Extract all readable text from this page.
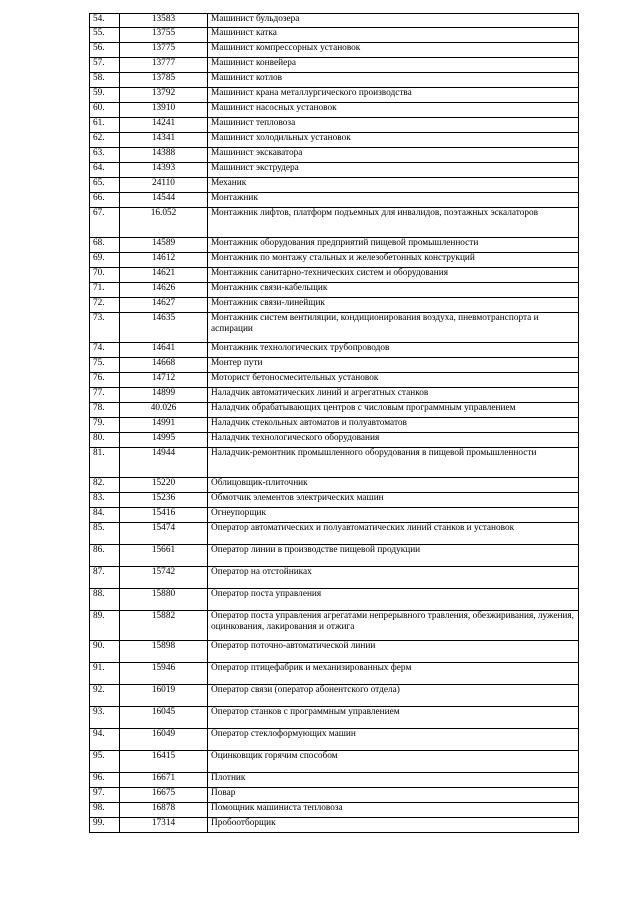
54.	13583	Машинист бульдозера
55.	13755	Машинист катка
56.	13775	Машинист компрессорных установок
57.	13777	Машинист конвейера
58.	13785	Машинист котлов
59.	13792	Машинист крана металлургического производства
60.	13910	Машинист насосных установок
61.	14241	Машинист тепловоза
62.	14341	Машинист холодильных установок
63.	14388	Машинист экскаватора
64.	14393	Машинист экструдера
65.	24110	Механик
66.	14544	Монтажник
67.	16.052	Монтажник лифтов, платформ подъемных для инвалидов, поэтажных эскалаторов
68.	14589	Монтажник оборудования предприятий пищевой промышленности
69.	14612	Монтажник по монтажу стальных и железобетонных конструкций
70.	14621	Монтажник санитарно-технических систем и оборудования
71.	14626	Монтажник связи-кабельщик
72.	14627	Монтажник связи-линейщик
73.	14635	Монтажник систем вентиляции, кондиционирования воздуха, пневмотранспорта и аспирации
74.	14641	Монтажник технологических трубопроводов
75.	14668	Монтер пути
76.	14712	Моторист бетоносмесительных установок
77.	14899	Наладчик автоматических линий и агрегатных станков
78.	40.026	Наладчик обрабатывающих центров с числовым программным управлением
79.	14991	Наладчик стекольных автоматов и полуавтоматов
80.	14995	Наладчик технологического оборудования
81.	14944	Наладчик-ремонтник промышленного оборудования в пищевой промышленности
82.	15220	Облицовщик-плиточник
83.	15236	Обмотчик элементов электрических машин
84.	15416	Огнеупорщик
85.	15474	Оператор автоматических и полуавтоматических линий станков и установок
86.	15661	Оператор линии в производстве пищевой продукции
87.	15742	Оператор на отстойниках
88.	15880	Оператор поста управления
89.	15882	Оператор поста управления агрегатами непрерывного травления, обезжиривания, лужения, оцинкования, лакирования и отжига
90.	15898	Оператор поточно-автоматической линии
91.	15946	Оператор птицефабрик и механизированных ферм
92.	16019	Оператор связи (оператор абонентского отдела)
93.	16045	Оператор станков с программным управлением
94.	16049	Оператор стеклоформующих машин
95.	16415	Оцинковщик горячим способом
96.	16671	Плотник
97.	16675	Повар
98.	16878	Помощник машиниста тепловоза
99.	17314	Пробоотборщик
